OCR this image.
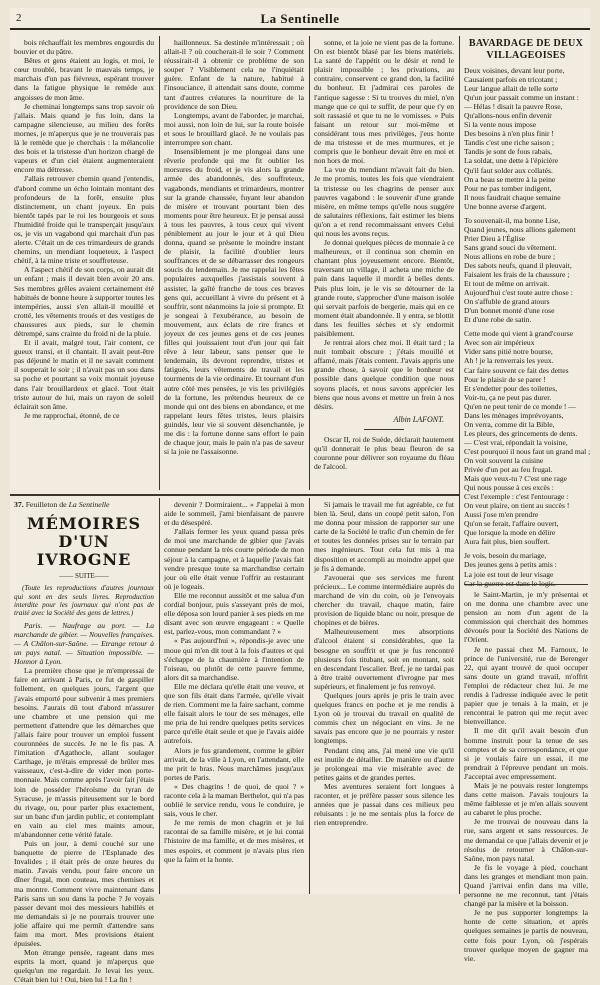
2	La Sentinelle

bois réchauffait les membres engourdis du bouvier et du pâtre.

Bêtes et gens étaient au logis, et moi, le cœur troublé, bravant le mauvais temps, je marchais d'un pas fiévreux, espérant trouver dans la fatigue physique le remède aux angoisses de mon âme.

Je cheminai longtemps sans trop savoir où j'allais. Mais quand je fus loin, dans la campagne silencieuse, au milieu des forêts mornes, je m'aperçus que je ne trouverais pas là le remède que je cherchais : la mélancolie des bois et la tristesse d'un horizon chargé de vapeurs et d'un ciel étaient augmenteraient encore ma détresse.

J'allais retrouver chemin quand j'entendis, d'abord comme un écho lointain montant des profondeurs de la forêt, ensuite plus distinctement, un chant joyeux. En puis bientôt tapés par le roi les bourgeois et sous l'humidité froide qui le transperçait jusqu'aux os, je vis un vagabond qui marchait d'un pas alerte. C'était un de ces trimardeurs de grands chemins, un mendiant loqueteux, à l'aspect chétif, à la mine triste et souffreteuse.

A l'aspect chétif de son corps, on aurait dit un enfant ; mais il devait bien avoir 20 ans. Ses membres grêles avaient certainement été habitués de bonne heure à supporter toutes les intempéries, aussi s'en allait-il mouillé et crotté, les vêtements troués et des vestiges de chaussures aux pieds, sur le chemin détrempé, sans crainte du froid ni de la pluie.

Et il avait, malgré tout, l'air content, ce gueux transi, et il chantait. Il avait peut-être pas déjeuné le matin et il ne savait comment il souperait le soir ; il n'avait pas un sou dans sa poche et pourtant sa voix montait joyeuse dans l'air brouillardeux et glacé. Tout était triste autour de lui, mais un rayon de soleil éclairait son âme.

Je me rapprochai, étonné, de ce

haillonneux. Sa destinée m'intéressait ; où allait-il ? où coucherait-il le soir ? Comment réussirait-il à obtenir ce problème de son souper ? Visiblement cela ne l'inquiétait guère. Enfant de la nature, habitué à l'insouciance, il attendait sans doute, comme tant d'autres créatures la nourriture de la providence de son Dieu.

Longtemps, avant de l'aborder, je marchai, moi aussi, non loin de lui, sur la route boisée et sous le brouillard glacé. Je ne voulais pas interrompre son chant.

Insensiblement je me plongeai dans une rêverie profonde qui me fit oublier les morsures du froid, et je vis alors la grande armée des abandonnés, des souffreteux, vagabonds, mendiants et trimardeurs, montrer sur la grande chaussée, fuyant leur abandon de misère et trouvant pourtant bien des moments pour être heureux. Et je pensai aussi à tous les pauvres, à tous ceux qui vivent péniblement au jour le jour et à qui Dieu donna, quand se présente le moindre instant de plaisir, la facilité d'oublier leurs souffrances et de se débarrasser des rongeurs soucis du lendemain. Je me rappelai les fêtes populaires auxquelles j'assistais souvent à assister, la gaîté franche de tous ces braves gens qui, accueillant à vivre du présent et à souffrir, sont néanmoins la joie si prompte. Et je songeai à l'exubérance, au besoin de mouvement, aux éclats de rire francs et joyeux de ces jeunes gens et de ces jeunes filles qui jouissaient tout d'un jour qui fait rêve à leur labeur, sans penser que le lendemain, ils devront reprendre, tristes et fatigués, leurs vêtements de travail et les tourments de la vie ordinaire. Et tournant d'un autre côté mes pensées, je vis les privilégiés de la fortune, les prétendus heureux de ce monde qui ont des biens en abondance, et me rappelant leurs fêtes tristes, leurs plaisirs guindés, leur vie si souvent désenchantée, je me dis : la fortune donne sans effort le pain de chaque jour, mais le pain n'a pas de saveur si la joie ne l'assaisonne.

sonne, et la joie ne vient pas de la fortune. On est bientôt blasé par les biens matériels. La santé de l'appétit ou le désir et rend le plaisir impossible ; les privations, au contraire, conservent ce grand don, la facilité du bonheur. Et j'admirai ces paroles de l'antique sagesse : Si tu trouves du miel, n'en mange que ce qui te suffit, de peur que t'y en soit rassasié et que tu ne le vomisses. » Puis faisant un retour sur moi-même et considérant tous mes privilèges, j'eus honte de ma tristesse et de mes murmures, et je compris que le bonheur devait être en moi et non hors de moi.

La vue du mendiant m'avait fait du bien. Je me promis, toutes les fois que viendraient la tristesse ou les chagrins de penser aux pauvres vagabond : le souvenir d'une grande misère, en même temps qu'elle nous suggère de salutaires réflexions, fait estimer les biens qu'on a et rend recommaissant envers Celui qui nous les avons reçus.

Je donnai quelques pièces de monnaie à ce malheureux, et il continua son chemin en chantant plus joyeusement encore. Bientôt, traversant un village, il acheta une miche de pain dans laquelle il mordit à belles dents. Puis plus loin, je le vis se détourner de la grande route, s'approcher d'une maison isolée qui servait parfois de bergerie, mais qui en ce moment était abandonnée. Il y entra, se blottit dans les feuilles sèches et s'y endormit paisiblement.

Je rentrai alors chez moi. Il était tard ; la nuit tombait obscure ; j'étais mouillé et affamé, mais j'étais content. J'avais appris une grande chose, à savoir que le bonheur est possible dans quelque condition que nous soyons placés, et nous savons apprécier les biens que nous avons et mettre un frein à nos désirs.

Albin LAFONT.

Oscar II, roi de Suède, déclarait hautement qu'il donnerait le plus beau fleuron de sa couronne pour délivrer son royaume du fléau de l'alcool.

BAVARDAGE DE DEUX VILLAGEOISES
Deux voisines, devant leur porte,
Causaient parfois en tricotant ;
Leur langue allait de telle sorte
Qu'un jour passait comme un instant :
— Hélas ! disait la pauvre Rose,
Qu'allons-nous enfin devenir
Si la vente nous impose
Des besoins à n'en plus finir !
Tandis c'est une riche saison ;
Tandis je sont de fous rabais,
La soldat, une dette à l'épicière
Qu'il faut solder aux collatés.
On a beau se mettre à la peine
Pour ne pas tomber indigent,
Il nous faudrait chaque semaine
Une bonne averse d'argent.
To souvenait-il, ma bonne Lise,
Quand jeunes, nous allions galement
Prier Dieu à l'Église
Sans grand souci du vêtement.
Nous allions en robe de bure ;
Des sabots neufs, quand il pleuvait,
Faisaient les frais de la chaussure ;
Et tout de même on arrivait.
Aujourd'hui c'est toute autre chose :
On s'affuble de grand atours
D'un bonnet monté d'une rose
Et d'une robe de satin.
Cette mode qui vient à grand'course
Avec son air impérieux
Vider sans pitié notre bourse,
Ah ! je la renverrais les yeux.
Car faire souvent ce fait des dettes
Pour le plaisir de se parer !
Et s'endetter pour des toilettes,
Voir-tu, ça ne peut pas durer.
Qu'en ne peut tenir de ce monde ! —
Dans les ménages imprévoyants,
On verra, comme dit la Bible,
Les pleurs, des grincements de dents.
— C'est vrai, répondait la voisine,
C'est pourquoi il nous faut un grand mal ;
On voit souvent la cuisine
Privée d'un pot au feu frugal.
Mais que veux-tu ? C'est une rage
Qui nous pousse à ces excès :
C'est l'exemple : c'est l'entourage :
On veut plaire, on tient au succès !
Aussi j'ose m'en prendre
Qu'on se ferait, l'affaire ouvert,
Que lorsque la mode en délire
Aura fait plus, bien souffert.
Je vois, besoin du mariage,
Des jeunes gens à petits amis :
La joie est tout de leur visage

le Saint-Martin, je m'y présentai et on me donna une chambre avec une pension au nom d'un agent de la commission qui cherchait des hommes dévoués pour la Société des Nations de l'Orient.

Je ne passai chez M. Farnoux, le prince de l'université, rue de Berenger 22, qui ayant trouvé de quoi occuper sans doute un grand travail, m'offrit l'emploi de rédacteur chez lui. Je me rendis à l'adresse indiquée avec le petit papier que je tenais à la main, et je rencontrai le patron qui me reçut avec bienveillance.

Il me dit qu'il avait besoin d'un homme instruit pour la tenue de ses comptes et de sa correspondance, et que si je voulais faire un essai, il me prendrait à l'épreuve pendant un mois. J'acceptai avec empressement.

Mais je ne pouvais rester longtemps dans cette maison. J'avais toujours la même faiblesse et je m'en allais souvent au cabaret le plus proche.

Je me trouvai de nouveau dans la rue, sans argent et sans ressources. Je me demandai ce que j'allais devenir et je résolus de retourner à Châlon-sur-Saône, mon pays natal.

Je fis le voyage à pied, couchant dans les granges et mendiant mon pain. Quand j'arrivai enfin dans ma ville, personne ne me reconnut, tant j'étais changé par la misère et la boisson.

Je ne pus supporter longtemps la honte de cette situation, et après quelques semaines je partis de nouveau, cette fois pour Lyon, où j'espérais trouver quelque moyen de gagner ma vie.

37. Feuilleton de La Sentinelle
MÉMOIRES D'UN IVROGNE
—— SUITE ——
(Toute les reproductions d'autres journaux qui sont en des seuls livres. Reproduction interdite pour les journaux qui n'ont pas de traité avec la Société des gens de lettres.)

Paris. — Naufrage au port. — La marchande de gibier. — Nouvelles françaises. — A Châlon-sur-Saône. — Etrange retour à un pays natal. — Situation impossible. — Honnor à Lyon.

La première chose que je m'empressai de faire en arrivant à Paris, ce fut de gaspiller follement, en quelques jours, l'argent que j'avais emporté pour subvenir à mes premiers besoins. J'aurais dû tout d'abord m'assurer une chambre et une pension qui me permettent d'attendre que les démarches que j'allais faire pour trouver un emploi fussent couronnées de succès. Je ne le fis pas. A l'imitation d'Agathocle, allant soulager Carthage, je m'étais empressé de brûler mes vaisseaux, c'est-à-dire de vider mon porte-monnaie. Mais comme après l'avoir fait j'étais loin de posséder l'héroïsme du tyran de Syracuse, je m'assis piteusement sur le bord du rivage, ou, pour parler plus exactement, sur un banc d'un jardin public, et contemplant en vain au ciel mes maints amour, m'abandonner cette vérité fatale.

Puis un jour, à demi couché sur une banquette de pierre de l'Esplanade des Invalides ; il était près de onze heures du matin. J'avais vendu, pour faire encore un dîner frugal, mon couteau, mes chemises et ma montre. Comment vivre maintenant dans Paris sans un sou dans la poche ? Je voyais passer devant moi des messieurs habillés et me demandais si je ne pourrais trouver une jolie affaire qui me permît d'attendre sans faim ma mort. Mes provisions étaient épuisées.

Mon étrange pensée, rageant dans mes esprits la mort, quand je m'aperçus que quelqu'un me regardait. Je levai les yeux. C'était bien lui ! Oui, bien lui ! La fin !

devenir ? Dormiraient... » J'appelai à mon aide le sommeil, j'ami bienfaisant de pauvre et du désespéré.

J'allais fermer les yeux quand passa près de moi une marchande de gibier que j'avais connue pendant la très courte période de mon séjour à la campagne, et à laquelle j'avais fait vendre presque toute sa marchandise certain jour où elle était venue l'offrir au restaurant où je logeais.

Elle me reconnut aussitôt et me salua d'un cordial bonjour, puis s'asseyant près de moi, elle déposa son lourd panier à ses pieds en me disant avec son œuvre engageant : « Quelle est, parlez-vous, mon commandant ? »

« Pas aujourd'hui », répondis-je avec une moue qui m'en dit tout à la fois d'autres et qui s'échappe de la chaumière à l'intention de l'oiseau, ou plutôt de cette pauvre femme, alors dit sa marchandise.

Elle me déclara qu'elle était une veuve, et que son fils était dans l'armée, qu'elle vivait de rien. Comment me la faire sachant, comme elle faisait alors le tour de ses ménages, elle me pria de lui rendre quelques petits services parce qu'elle était seule et que je l'avais aidée autrefois.

Alors je fus grandement, comme le gibier arrivait, de la ville à Lyon, en l'attendant, elle me prit le bras. Nous marchâmes jusqu'aux portes de Paris.

« Des chagrins ! de quoi, de quoi ? » raconte cela à la maman Berthelot, qui n'a pas oublié le service rendu, vous le conduire, je sais, vous le cher.

Je me remis de mon chagrin et je lui racontai de sa famille misère, et je lui contai l'histoire de ma famille, et de mes misères, et mes espoirs, et comment je n'avais plus rien que la faim et la honte.

Si jamais le travail me fut agréable, ce fut bien là. Seul, dans un coupé petit salon, l'on me donna pour mission de rapporter sur une carte de la Société le trafic d'un chemin de fer et toutes les données prises sur le terrain par mes ingénieurs. Tout cela fut mis à ma disposition et accompli au moindre appel que je fis à demande.

J'avouerai que ses services me furent précieux... Le comme intermédiaire auprès du marchand de vin du coin, où je l'envoyais chercher du travail, chaque matin, faire provision de liquide blanc ou noir, presque de chopines et de bières.

Malheureusement mes absorptions d'alcool étaient si considérables, que la besogne en souffrit et que je fus rencontré plusieurs fois titubant, soit en montant, soit en descendant l'escalier. Bref, je ne tardai pas à être traité ouvertement d'ivrogne par mes supérieurs, et finalement je fus renvoyé.

Quelques jours après je pris le train avec quelques francs en poche et je me rendis à Lyon où je trouvai du travail en qualité de commis chez un négociant en vins. Je ne savais pas encore que je ne pourrais y rester longtemps.

Pendant cinq ans, j'ai mené une vie qu'il est inutile de détailler. De manière ou d'autre je prolongeai ma vie misérable avec de petites gains et de grandes pertes.

Mes aventures seraient fort longues à raconter, et je préfère passer sous silence les années que je passai dans ces milieux peu reluisants : je ne me sentais plus la force de rien entreprendre.
